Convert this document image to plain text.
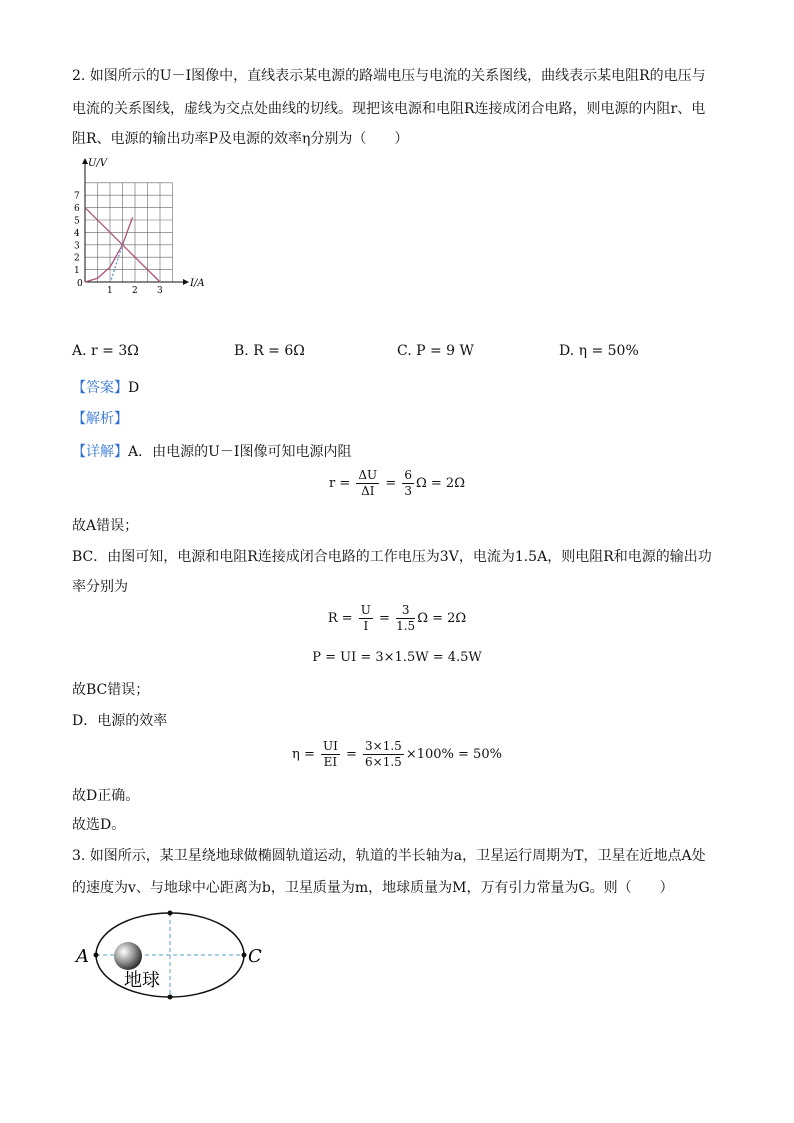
2. 如图所示的U－I图像中，直线表示某电源的路端电压与电流的关系图线，曲线表示某电阻R的电压与
电流的关系图线，虚线为交点处曲线的切线。现把该电源和电阻R连接成闭合电路，则电源的内阻r、电
阻R、电源的输出功率P及电源的效率η分别为（　　）
1
2
3
4
5
6
7
1 2 3
U/V
I/A
0
A. r = 3Ω	B. R = 6Ω	C. P = 9 W	D. η = 50%
【答案】D
【解析】
【详解】A．由电源的U－I图像可知电源内阻
$r = \frac{\Delta U}{\Delta I} = \frac{6}{3}$ Ω = 2Ω
故A错误；
BC．由图可知，电源和电阻R连接成闭合电路的工作电压为3V，电流为1.5A，则电阻R和电源的输出功
率分别为
$R = \frac{U}{I} = \frac{3}{1.5}$ Ω = 2Ω
P = UI = 3×1.5W = 4.5W
故BC错误；
D．电源的效率
$\eta = \frac{UI}{EI} = \frac{3\times 1.5}{6\times 1.5} \times 100\% = 50\%$
故D正确。
故选D。
3. 如图所示，某卫星绕地球做椭圆轨道运动，轨道的半长轴为a，卫星运行周期为T，卫星在近地点A处
的速度为v、与地球中心距离为b，卫星质量为m，地球质量为M，万有引力常量为G。则（　　）
A	C
地球
